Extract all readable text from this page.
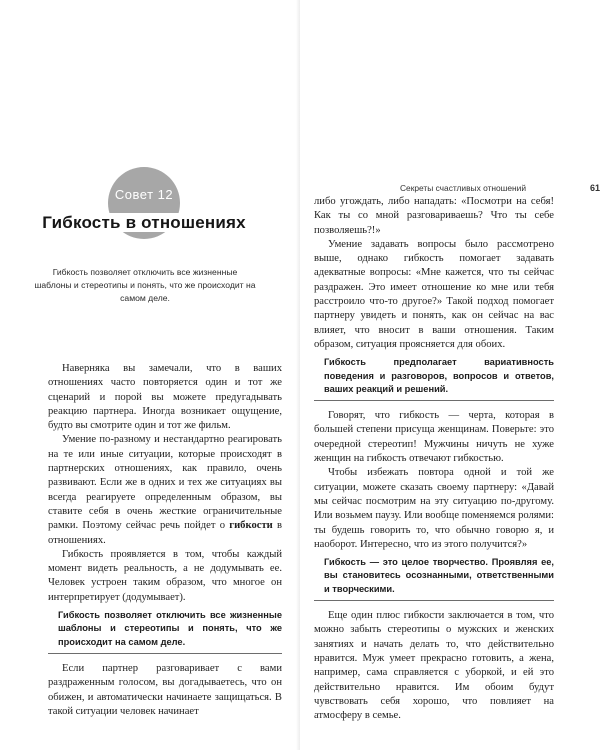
Совет 12
Гибкость в отношениях
Гибкость позволяет отключить все жизненные шаблоны и стереотипы и понять, что же происходит на самом деле.

Наверняка вы замечали, что в ваших отношениях часто повторяется один и тот же сценарий и порой вы можете предугадывать реакцию партнера. Иногда возникает ощущение, будто вы смотрите один и тот же фильм.

Умение по-разному и нестандартно реагировать на те или иные ситуации, которые происходят в партнерских отношениях, как правило, очень развивают. Если же в одних и тех же ситуациях вы всегда реагируете определенным образом, вы ставите себя в очень жесткие ограничительные рамки. Поэтому сейчас речь пойдет о гибкости в отношениях.

Гибкость проявляется в том, чтобы каждый момент видеть реальность, а не додумывать ее. Человек устроен таким образом, что многое он интерпретирует (додумывает).

Гибкость позволяет отключить все жизненные шаблоны и стереотипы и понять, что же происходит на самом деле.

Если партнер разговаривает с вами раздраженным голосом, вы догадываетесь, что он обижен, и автоматически начинаете защищаться. В такой ситуации человек начинает

Секреты счастливых отношений	61

либо угождать, либо нападать: «Посмотри на себя! Как ты со мной разговариваешь? Что ты себе позволяешь?!»

Умение задавать вопросы было рассмотрено выше, однако гибкость помогает задавать адекватные вопросы: «Мне кажется, что ты сейчас раздражен. Это имеет отношение ко мне или тебя расстроило что-то другое?» Такой подход помогает партнеру увидеть и понять, как он сейчас на вас влияет, что вносит в ваши отношения. Таким образом, ситуация проясняется для обоих.

Гибкость предполагает вариативность поведения и разговоров, вопросов и ответов, ваших реакций и решений.

Говорят, что гибкость — черта, которая в большей степени присуща женщинам. Поверьте: это очередной стереотип! Мужчины ничуть не хуже женщин на гибкость отвечают гибкостью.

Чтобы избежать повтора одной и той же ситуации, можете сказать своему партнеру: «Давай мы сейчас посмотрим на эту ситуацию по-другому. Или возьмем паузу. Или вообще поменяемся ролями: ты будешь говорить то, что обычно говорю я, и наоборот. Интересно, что из этого получится?»

Гибкость — это целое творчество. Проявляя ее, вы становитесь осознанными, ответственными и творческими.

Еще один плюс гибкости заключается в том, что можно забыть стереотипы о мужских и женских занятиях и начать делать то, что действительно нравится. Муж умеет прекрасно готовить, а жена, например, сама справляется с уборкой, и ей это действительно нравится. Им обоим будут чувствовать себя хорошо, что повлияет на атмосферу в семье.
